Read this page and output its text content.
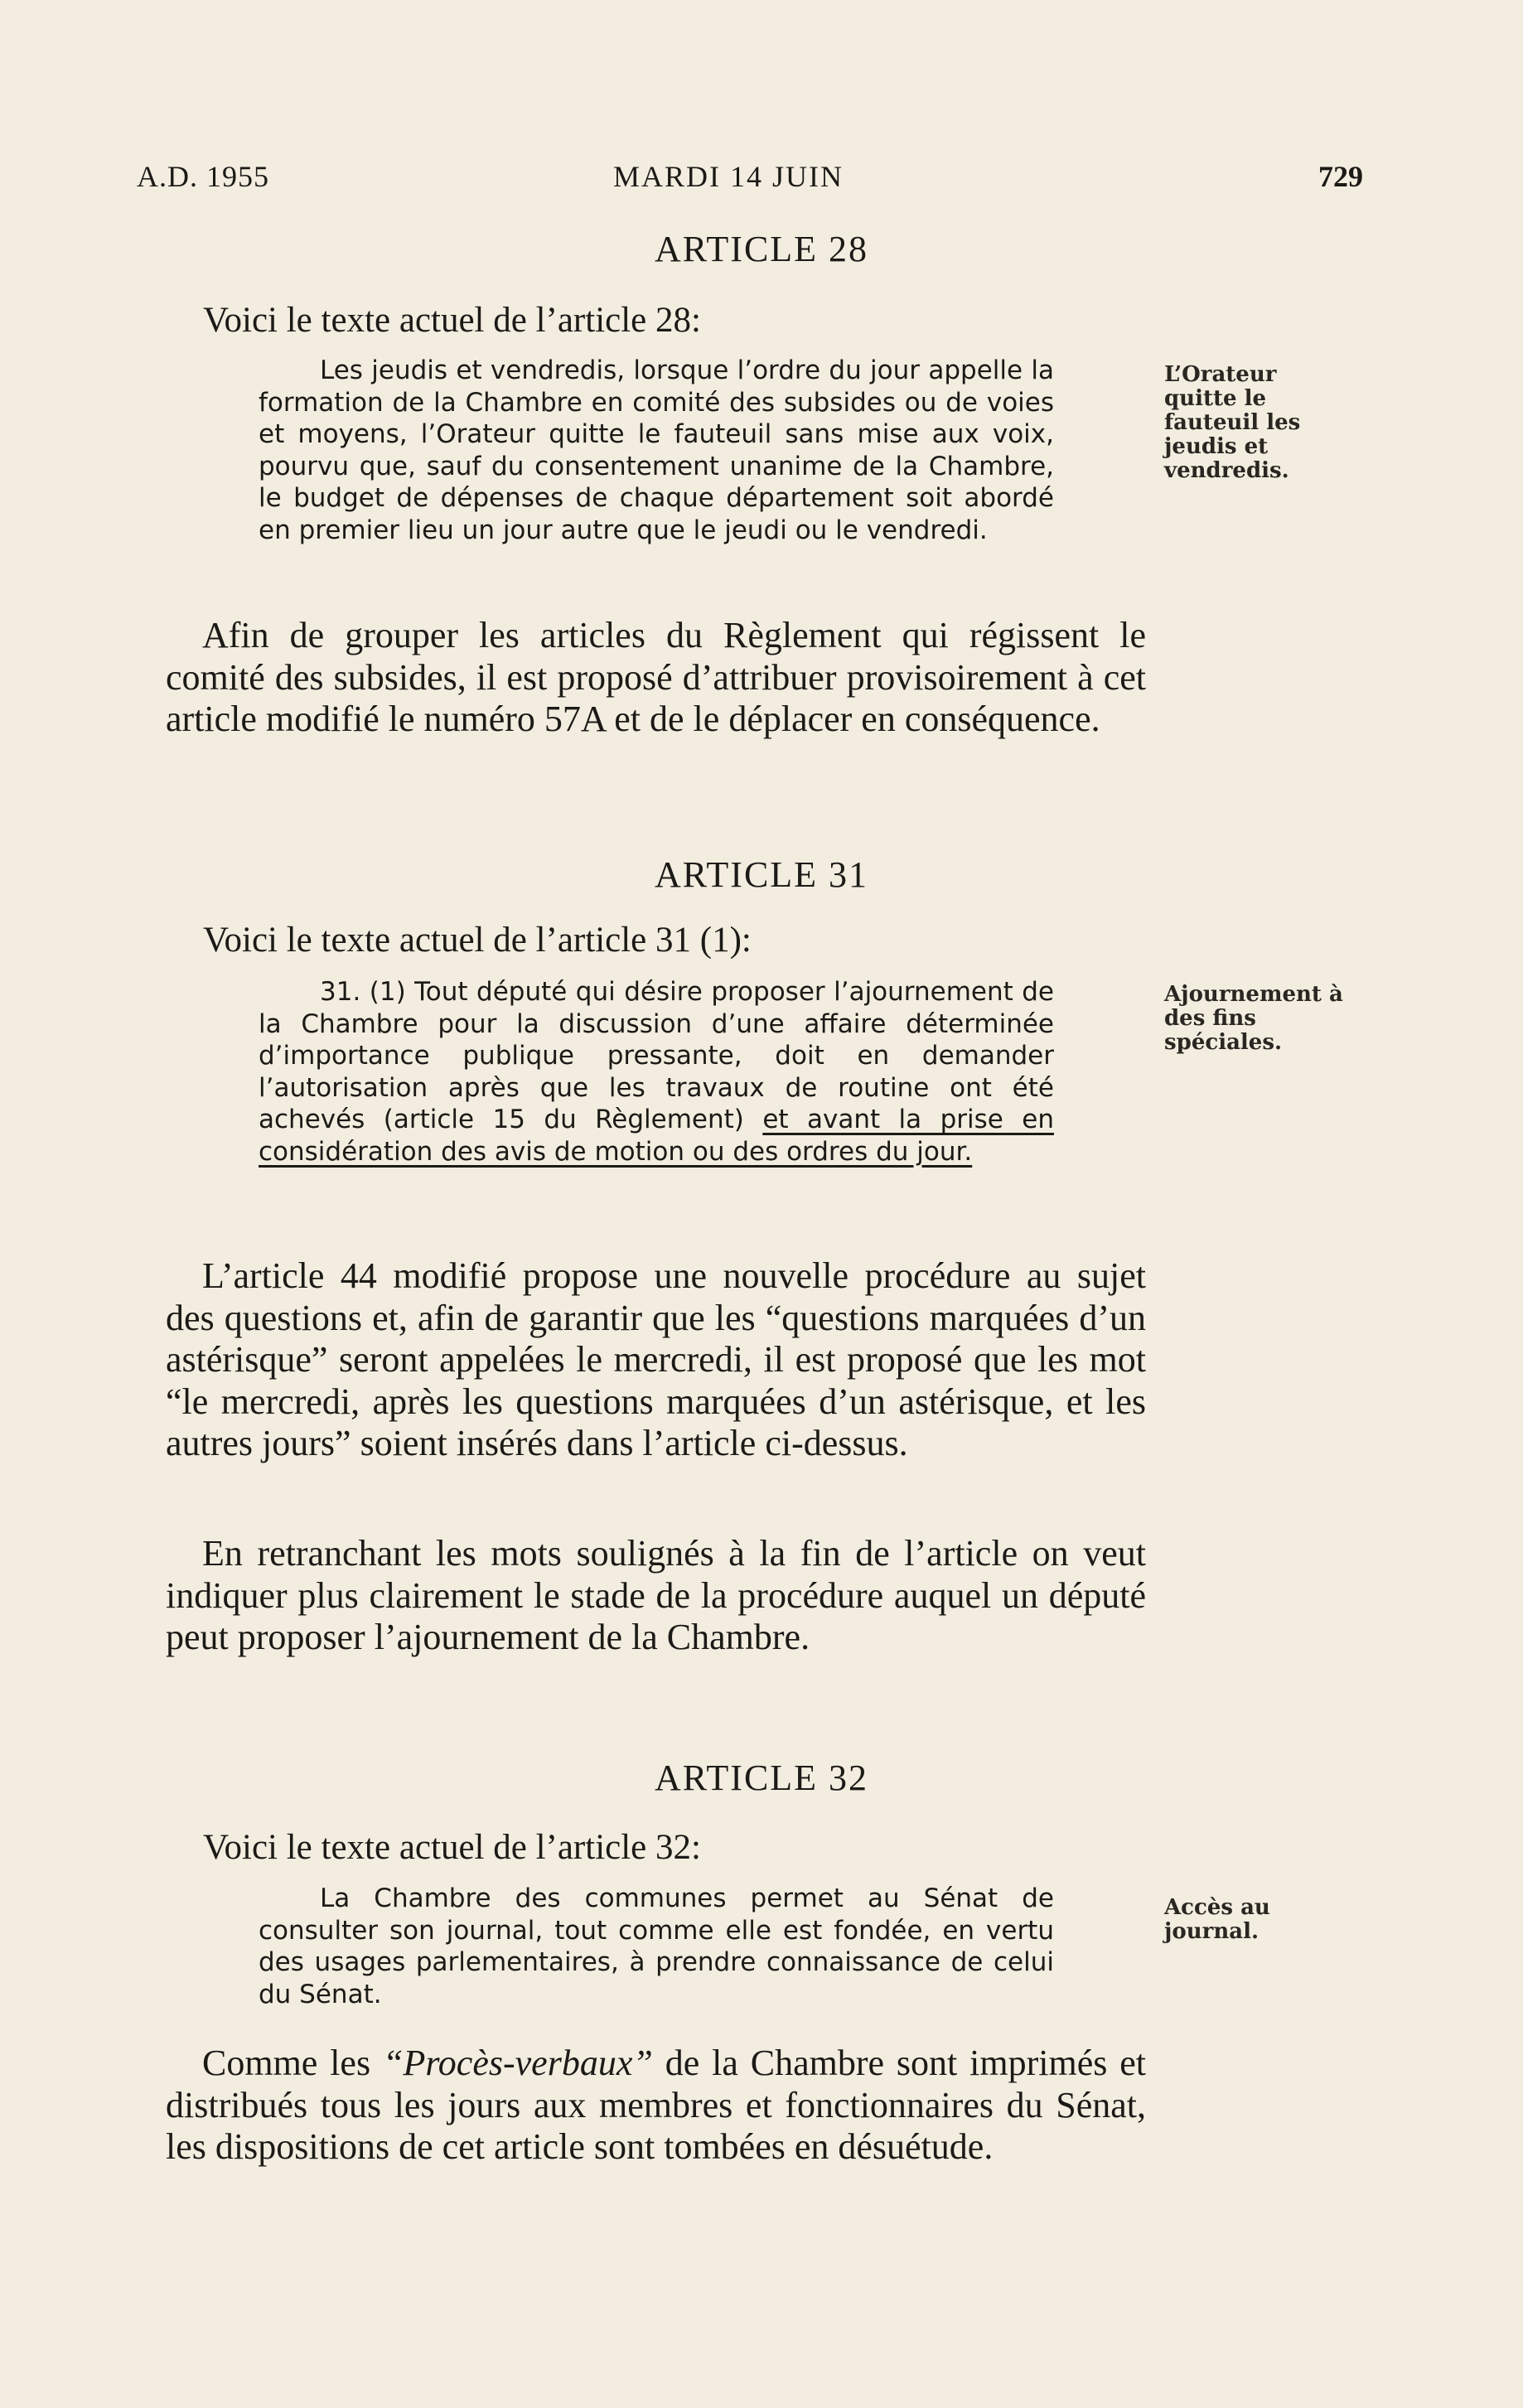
A.D. 1955	MARDI 14 JUIN	729
ARTICLE 28
Voici le texte actuel de l’article 28:
Les jeudis et vendredis, lorsque l’ordre du jour appelle la formation de la Chambre en comité des subsides ou de voies et moyens, l’Orateur quitte le fauteuil sans mise aux voix, pourvu que, sauf du consentement unanime de la Chambre, le budget de dépenses de chaque département soit abordé en premier lieu un jour autre que le jeudi ou le vendredi.
L’Orateur quitte le fauteuil les jeudis et vendredis.
Afin de grouper les articles du Règlement qui régissent le comité des subsides, il est proposé d’attribuer provisoirement à cet article modifié le numéro 57A et de le déplacer en conséquence.
ARTICLE 31
Voici le texte actuel de l’article 31 (1):
31. (1) Tout député qui désire proposer l’ajournement de la Chambre pour la discussion d’une affaire déterminée d’importance publique pressante, doit en demander l’autorisation après que les travaux de routine ont été achevés (article 15 du Règlement) et avant la prise en considération des avis de motion ou des ordres du jour.
Ajournement à des fins spéciales.
L’article 44 modifié propose une nouvelle procédure au sujet des questions et, afin de garantir que les “questions marquées d’un astérisque” seront appelées le mercredi, il est proposé que les mot “le mercredi, après les questions marquées d’un astérisque, et les autres jours” soient insérés dans l’article ci-dessus.
En retranchant les mots soulignés à la fin de l’article on veut indiquer plus clairement le stade de la procédure auquel un député peut proposer l’ajournement de la Chambre.
ARTICLE 32
Voici le texte actuel de l’article 32:
La Chambre des communes permet au Sénat de consulter son journal, tout comme elle est fondée, en vertu des usages parlementaires, à prendre connaissance de celui du Sénat.
Accès au journal.
Comme les “Procès-verbaux” de la Chambre sont imprimés et distribués tous les jours aux membres et fonctionnaires du Sénat, les dispositions de cet article sont tombées en désuétude.
